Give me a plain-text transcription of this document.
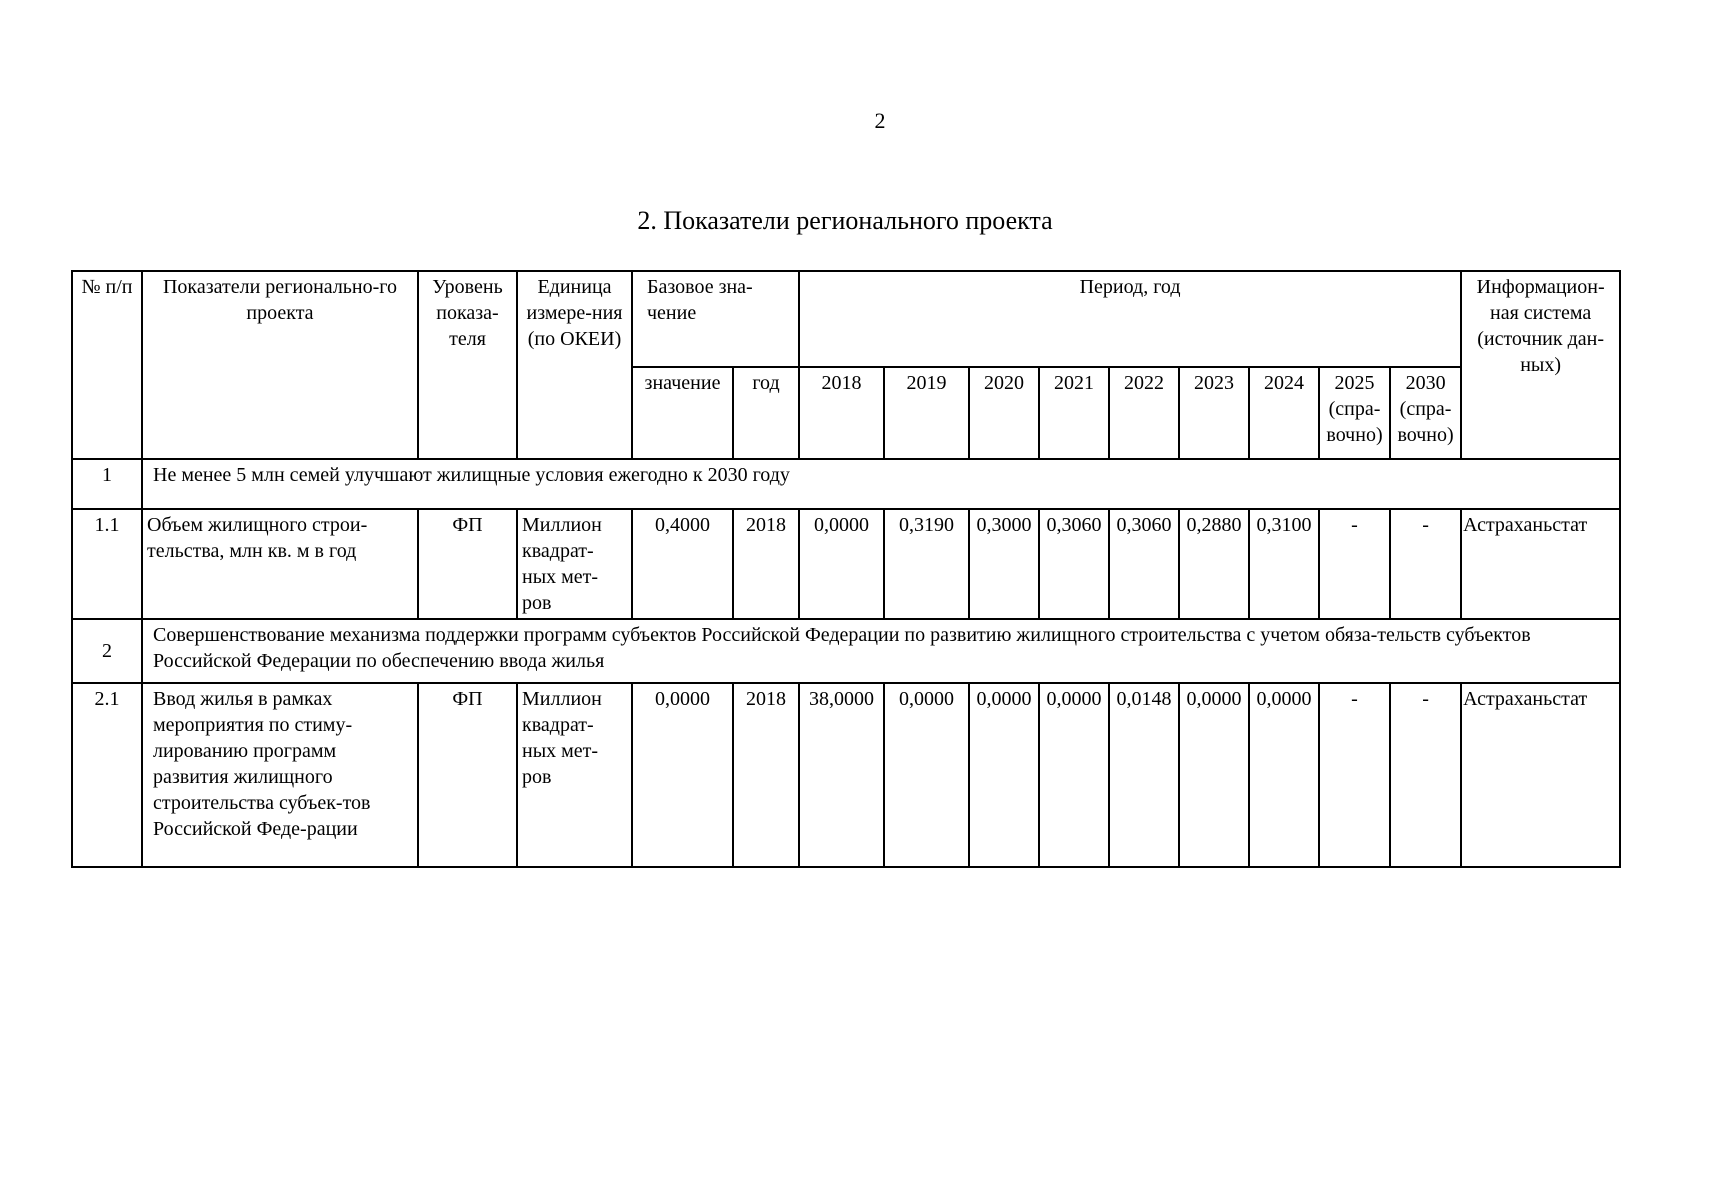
2
2. Показатели регионального проекта
№ п/п	Показатели регионально-го проекта	Уровень показа-теля	Единица измере-ния (по ОКЕИ)	Базовое зна-чение		Период, год									Информацион-ная система (источник дан-ных)
				значение	год	2018	2019	2020	2021	2022	2023	2024	2025 (спра-вочно)	2030 (спра-вочно)	
1	Не менее 5 млн семей улучшают жилищные условия ежегодно к 2030 году														
1.1	Объем жилищного строи-тельства, млн кв. м в год	ФП	Миллион квадрат-ных мет-ров	0,4000	2018	0,0000	0,3190	0,3000	0,3060	0,3060	0,2880	0,3100	-	-	Астраханьстат
2	Совершенствование механизма поддержки программ субъектов Российской Федерации по развитию жилищного строительства с учетом обяза-тельств субъектов Российской Федерации по обеспечению ввода жилья														
2.1	Ввод жилья в рамках мероприятия по стиму-лированию программ развития жилищного строительства субъек-тов Российской Феде-рации	ФП	Миллион квадрат-ных мет-ров	0,0000	2018	38,0000	0,0000	0,0000	0,0000	0,0148	0,0000	0,0000	-	-	Астраханьстат
